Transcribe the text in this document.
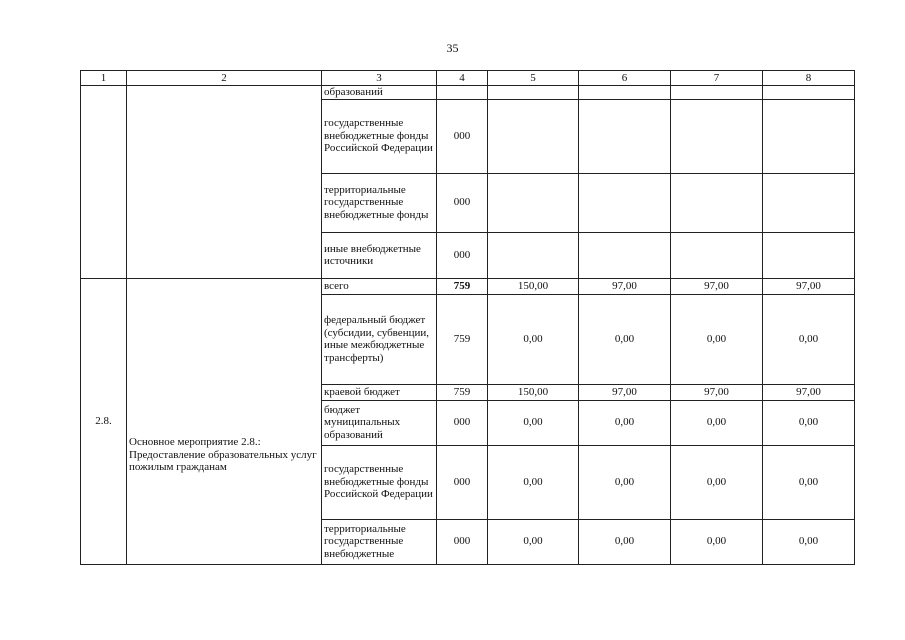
35
1	2	3	4	5	6	7	8
		образований					
		государственные внебюджетные фонды Российской Федерации	000				
		территориальные государственные внебюджетные фонды	000				
		иные внебюджетные источники	000				
2.8.	Основное мероприятие 2.8.: Предоставление образовательных услуг пожилым гражданам	всего	759	150,00	97,00	97,00	97,00
		федеральный бюджет (субсидии, субвенции, иные межбюджетные трансферты)	759	0,00	0,00	0,00	0,00
		краевой бюджет	759	150,00	97,00	97,00	97,00
		бюджет муниципальных образований	000	0,00	0,00	0,00	0,00
		государственные внебюджетные фонды Российской Федерации	000	0,00	0,00	0,00	0,00
		территориальные государственные внебюджетные	000	0,00	0,00	0,00	0,00
